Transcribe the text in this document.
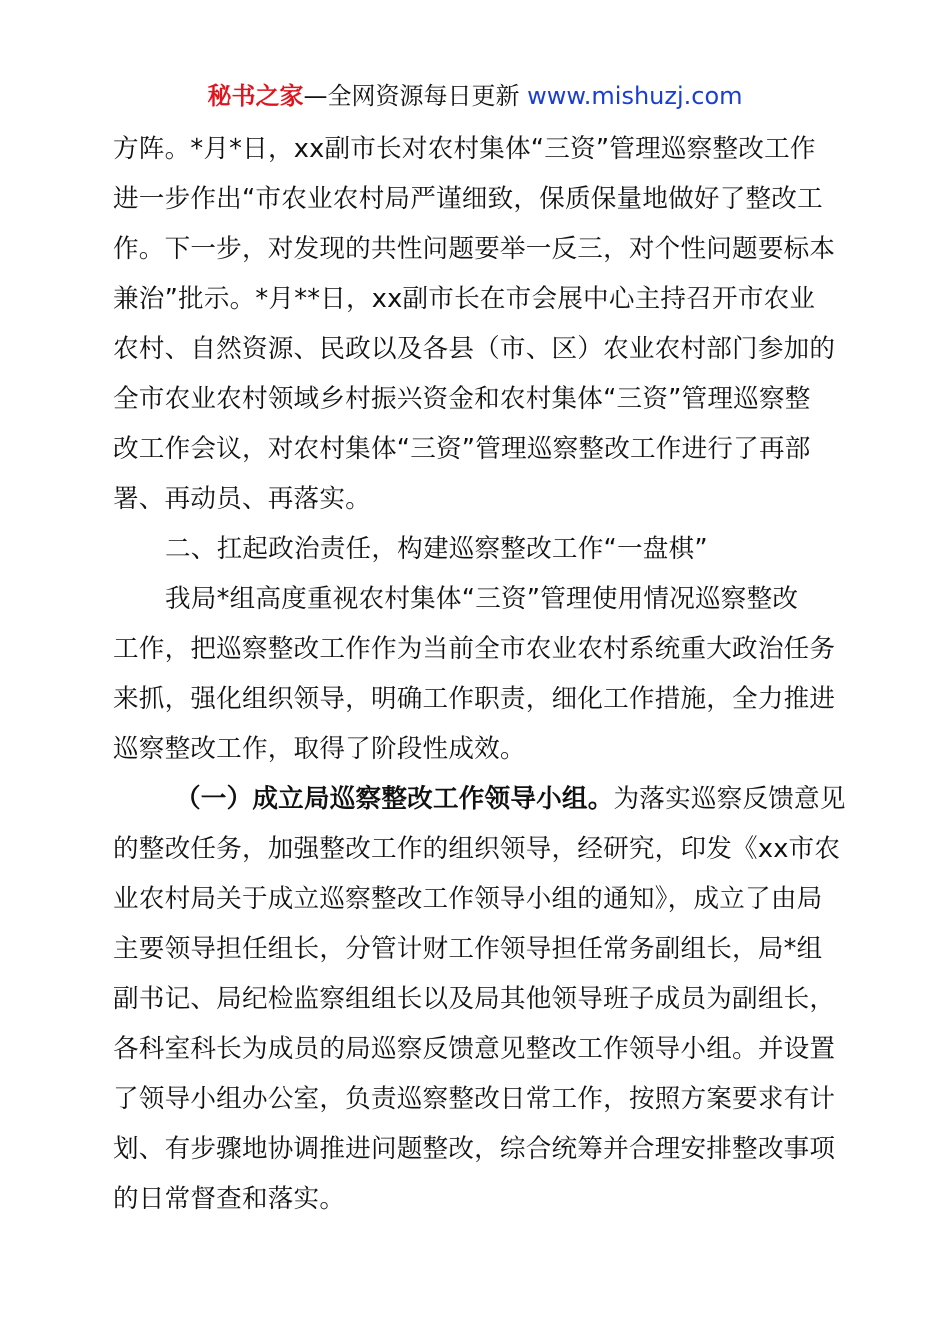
秘书之家—全网资源每日更新 www.mishuzj.com
方阵。*月*日，xx副市长对农村集体“三资”管理巡察整改工作
进一步作出“市农业农村局严谨细致，保质保量地做好了整改工
作。下一步，对发现的共性问题要举一反三，对个性问题要标本
兼治”批示。*月**日，xx副市长在市会展中心主持召开市农业
农村、自然资源、民政以及各县（市、区）农业农村部门参加的
全市农业农村领域乡村振兴资金和农村集体“三资”管理巡察整
改工作会议，对农村集体“三资”管理巡察整改工作进行了再部
署、再动员、再落实。
二、扛起政治责任，构建巡察整改工作“一盘棋”
我局*组高度重视农村集体“三资”管理使用情况巡察整改
工作，把巡察整改工作作为当前全市农业农村系统重大政治任务
来抓，强化组织领导，明确工作职责，细化工作措施，全力推进
巡察整改工作，取得了阶段性成效。
（一）成立局巡察整改工作领导小组。为落实巡察反馈意见
的整改任务，加强整改工作的组织领导，经研究，印发《xx市农
业农村局关于成立巡察整改工作领导小组的通知》，成立了由局
主要领导担任组长，分管计财工作领导担任常务副组长，局*组
副书记、局纪检监察组组长以及局其他领导班子成员为副组长，
各科室科长为成员的局巡察反馈意见整改工作领导小组。并设置
了领导小组办公室，负责巡察整改日常工作，按照方案要求有计
划、有步骤地协调推进问题整改，综合统筹并合理安排整改事项
的日常督查和落实。
